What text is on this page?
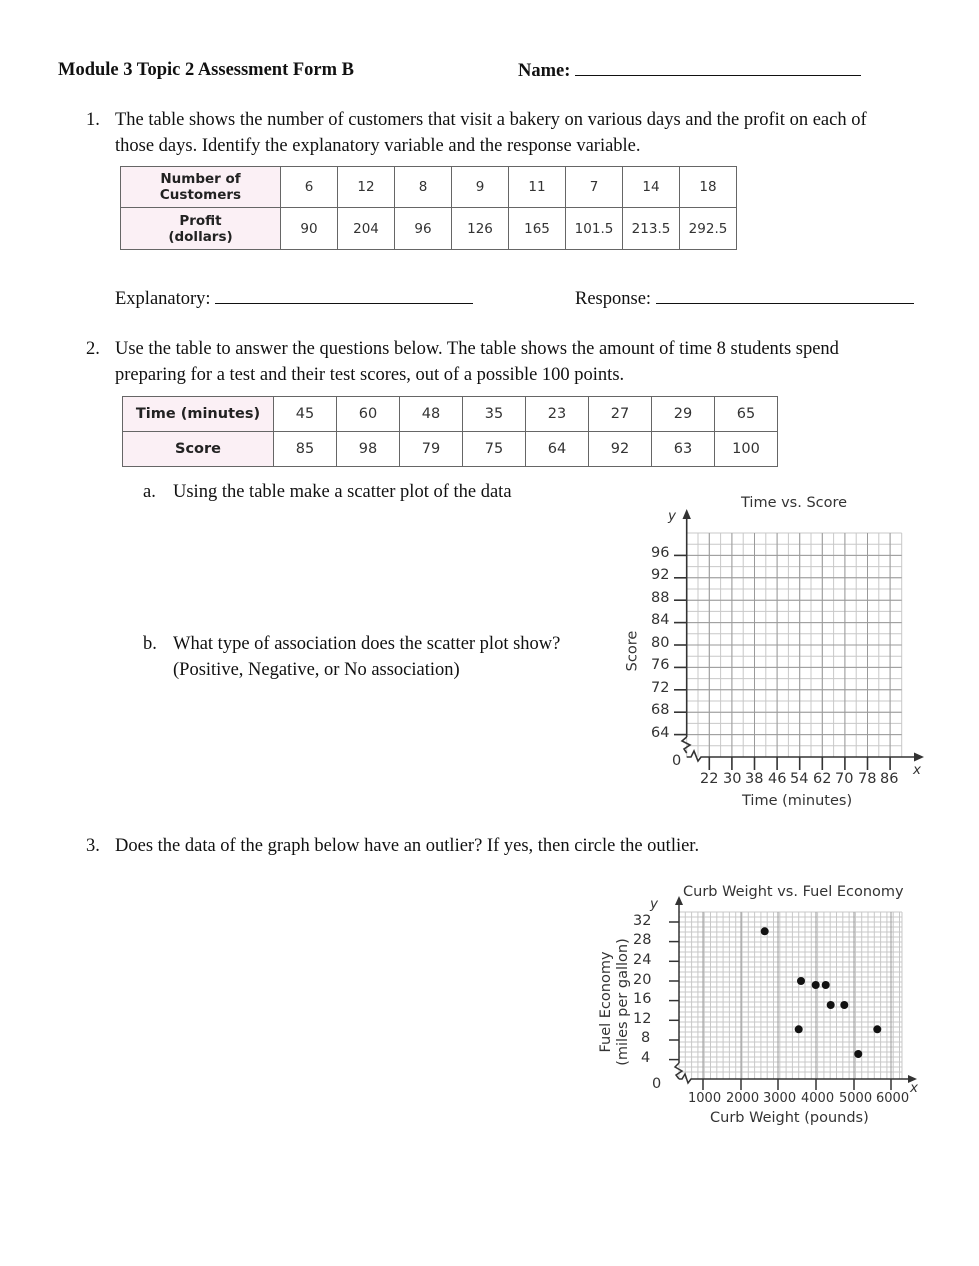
Module 3 Topic 2 Assessment Form B	Name:
1. The table shows the number of customers that visit a bakery on various days and the profit on each of
those days. Identify the explanatory variable and the response variable.
Number of
Customers	6	12	8	9	11	7	14	18

Profit
(dollars)	90	204	96	126	165	101.5	213.5	292.5
Explanatory:	Response:
2. Use the table to answer the questions below. The table shows the amount of time 8 students spend
preparing for a test and their test scores, out of a possible 100 points.
Time (minutes)	45	60	48	35	23	27	29	65
Score	85	98	79	75	64	92	63	100
a. Using the table make a scatter plot of the data
b. What type of association does the scatter plot show?
(Positive, Negative, or No association)
Time vs. Score
y
x
0
96
92
88
84
80
76
72
68
64
22 30 38 46 54 62 70 78 86
Time (minutes)
Score
3. Does the data of the graph below have an outlier? If yes, then circle the outlier.
Curb Weight vs. Fuel Economy
y
x
0
32
28
24
20
16
12
8
4
1000 2000 3000 4000 5000 6000
Curb Weight (pounds)
Fuel Economy (miles per gallon)
